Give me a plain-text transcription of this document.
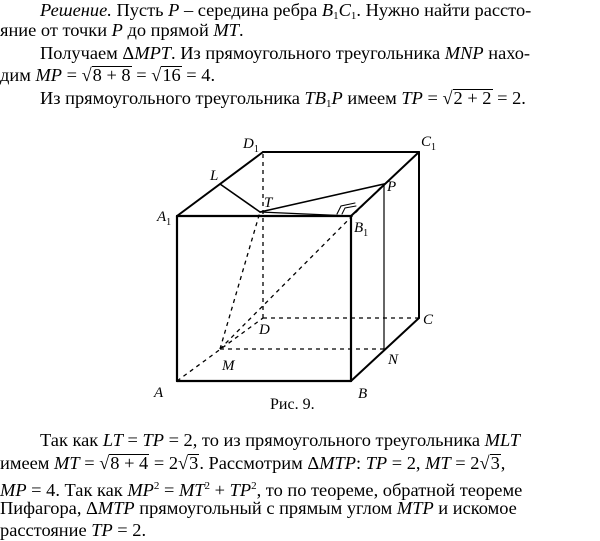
Решение. Пусть P – середина ребра $B_1C_1$. Нужно найти рассто-
яние от точки P до прямой MT.
Получаем ΔMPT. Из прямоугольного треугольника MNP нахо-
дим MP = √8 + 8 = √16 = 4.
Из прямоугольного треугольника $TB_1P$ имеем TP = √2 + 2 = 2.
$D_1$	$C_1$
L
P
T
$A_1$	$B_1$
D
C
M	N
A	B
Рис. 9.
Так как LT = TP = 2, то из прямоугольного треугольника MLT
имеем MT = √8 + 4 = 2√3. Рассмотрим ΔMTP: TP = 2, MT = 2√3,
MP = 4. Так как $MP^2 = MT^2 + TP^2$, то по теореме, обратной теореме
Пифагора, ΔMTP прямоугольный с прямым углом MTP и искомое
расстояние TP = 2.
